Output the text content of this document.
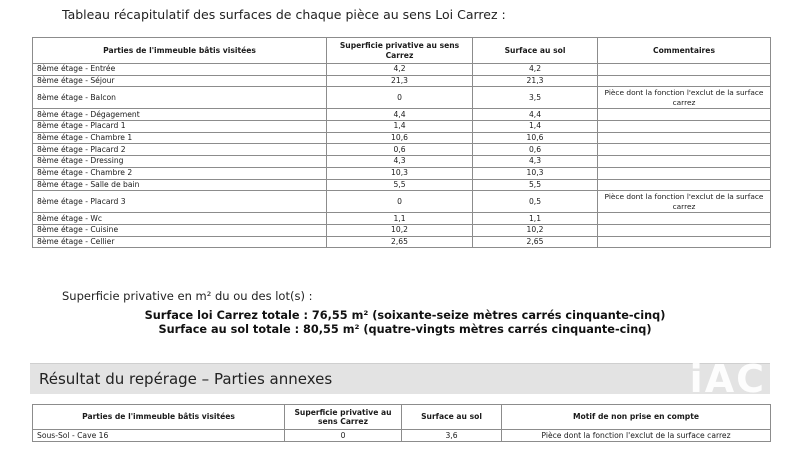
Tableau récapitulatif des surfaces de chaque pièce au sens Loi Carrez :
Parties de l'immeuble bâtis visitées	Superficie privative au sens Carrez	Surface au sol	Commentaires
8ème étage - Entrée	4,2	4,2	
8ème étage - Séjour	21,3	21,3	
8ème étage - Balcon	0	3,5	Pièce dont la fonction l'exclut de la surface carrez
8ème étage - Dégagement	4,4	4,4	
8ème étage - Placard 1	1,4	1,4	
8ème étage - Chambre 1	10,6	10,6	
8ème étage - Placard 2	0,6	0,6	
8ème étage - Dressing	4,3	4,3	
8ème étage - Chambre 2	10,3	10,3	
8ème étage - Salle de bain	5,5	5,5	
8ème étage - Placard 3	0	0,5	Pièce dont la fonction l'exclut de la surface carrez
8ème étage - Wc	1,1	1,1	
8ème étage - Cuisine	10,2	10,2	
8ème étage - Cellier	2,65	2,65	
Superficie privative en m² du ou des lot(s) :
Surface loi Carrez totale : 76,55 m² (soixante-seize mètres carrés cinquante-cinq)
Surface au sol totale : 80,55 m² (quatre-vingts mètres carrés cinquante-cinq)
Résultat du repérage – Parties annexes	iAC
Parties de l'immeuble bâtis visitées	Superficie privative au sens Carrez	Surface au sol	Motif de non prise en compte
Sous-Sol - Cave 16	0	3,6	Pièce dont la fonction l'exclut de la surface carrez
